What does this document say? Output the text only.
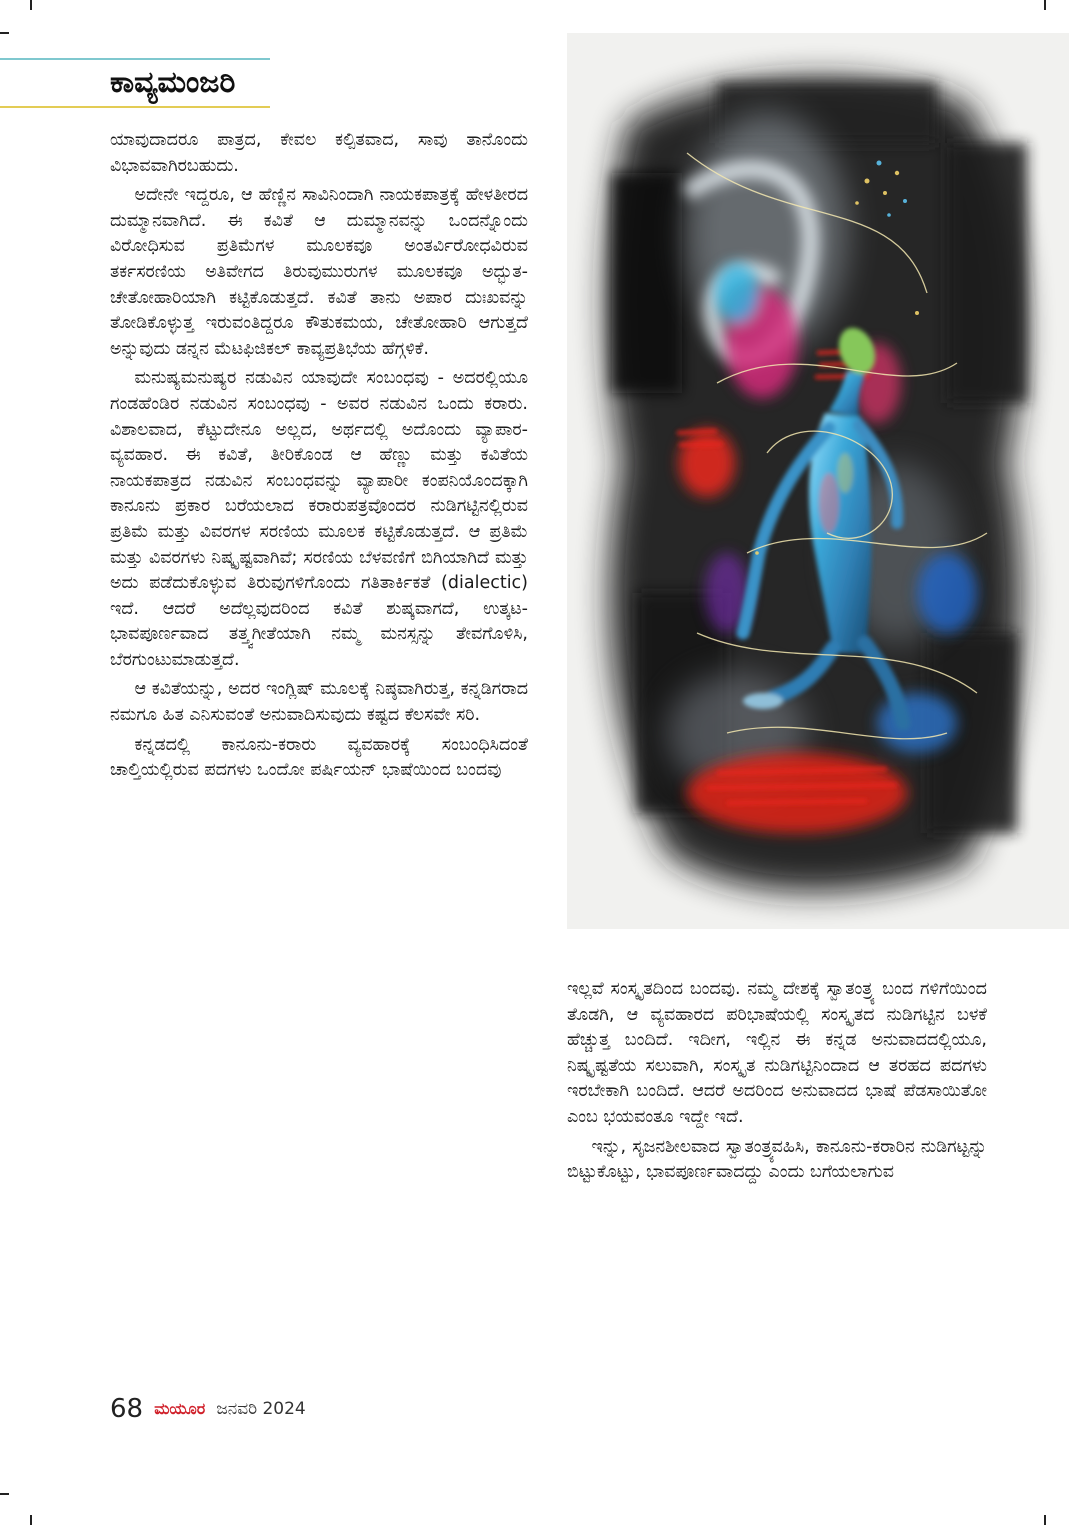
ಕಾವ್ಯಮಂಜರಿ

ಯಾವುದಾದರೂ ಪಾತ್ರದ, ಕೇವಲ ಕಲ್ಪಿತವಾದ, ಸಾವು ತಾನೊಂದು ವಿಭಾವವಾಗಿರಬಹುದು.

ಅದೇನೇ ಇದ್ದರೂ, ಆ ಹೆಣ್ಣಿನ ಸಾವಿನಿಂದಾಗಿ ನಾಯಕಪಾತ್ರಕ್ಕೆ ಹೇಳತೀರದ ದುಮ್ಮಾನವಾಗಿದೆ. ಈ ಕವಿತೆ ಆ ದುಮ್ಮಾನವನ್ನು ಒಂದನ್ನೊಂದು ವಿರೋಧಿಸುವ ಪ್ರತಿಮೆಗಳ ಮೂಲಕವೂ ಅಂತರ್ವಿರೋಧವಿರುವ ತರ್ಕಸರಣಿಯ ಅತಿವೇಗದ ತಿರುವುಮುರುಗಳ ಮೂಲಕವೂ ಅದ್ಭುತ-ಚೇತೋಹಾರಿಯಾಗಿ ಕಟ್ಟಿಕೊಡುತ್ತದೆ. ಕವಿತೆ ತಾನು ಅಪಾರ ದುಃಖವನ್ನು ತೋಡಿಕೊಳ್ಳುತ್ತ ಇರುವಂತಿದ್ದರೂ ಕೌತುಕಮಯ, ಚೇತೋಹಾರಿ ಆಗುತ್ತದೆ ಅನ್ನುವುದು ಡನ್ನನ ಮೆಟಫಿಜಿಕಲ್ ಕಾವ್ಯಪ್ರತಿಭೆಯ ಹೆಗ್ಗಳಿಕೆ.

ಮನುಷ್ಯಮನುಷ್ಯರ ನಡುವಿನ ಯಾವುದೇ ಸಂಬಂಧವು - ಅದರಲ್ಲಿಯೂ ಗಂಡಹೆಂಡಿರ ನಡುವಿನ ಸಂಬಂಧವು - ಅವರ ನಡುವಿನ ಒಂದು ಕರಾರು. ವಿಶಾಲವಾದ, ಕೆಟ್ಟುದೇನೂ ಅಲ್ಲದ, ಅರ್ಥದಲ್ಲಿ ಅದೊಂದು ವ್ಯಾಪಾರ-ವ್ಯವಹಾರ. ಈ ಕವಿತೆ, ತೀರಿಕೊಂಡ ಆ ಹೆಣ್ಣು ಮತ್ತು ಕವಿತೆಯ ನಾಯಕಪಾತ್ರದ ನಡುವಿನ ಸಂಬಂಧವನ್ನು ವ್ಯಾಪಾರೀ ಕಂಪನಿಯೊಂದಕ್ಕಾಗಿ ಕಾನೂನು ಪ್ರಕಾರ ಬರೆಯಲಾದ ಕರಾರುಪತ್ರವೊಂದರ ನುಡಿಗಟ್ಟಿನಲ್ಲಿರುವ ಪ್ರತಿಮೆ ಮತ್ತು ವಿವರಗಳ ಸರಣಿಯ ಮೂಲಕ ಕಟ್ಟಿಕೊಡುತ್ತದೆ. ಆ ಪ್ರತಿಮೆ ಮತ್ತು ವಿವರಗಳು ನಿಷ್ಕೃಷ್ಟವಾಗಿವೆ; ಸರಣಿಯ ಬೆಳವಣಿಗೆ ಬಿಗಿಯಾಗಿದೆ ಮತ್ತು ಅದು ಪಡೆದುಕೊಳ್ಳುವ ತಿರುವುಗಳಿಗೊಂದು ಗತಿತಾರ್ಕಿಕತೆ (dialectic) ಇದೆ. ಆದರೆ ಅದೆಲ್ಲವುದರಿಂದ ಕವಿತೆ ಶುಷ್ಕವಾಗದೆ, ಉತ್ಕಟ-ಭಾವಪೂರ್ಣವಾದ ತತ್ತ್ವಗೀತೆಯಾಗಿ ನಮ್ಮ ಮನಸ್ಸನ್ನು ತೇವಗೊಳಿಸಿ, ಬೆರಗುಂಟುಮಾಡುತ್ತದೆ.

ಆ ಕವಿತೆಯನ್ನು, ಅದರ ಇಂಗ್ಲಿಷ್ ಮೂಲಕ್ಕೆ ನಿಷ್ಠವಾಗಿರುತ್ತ, ಕನ್ನಡಿಗರಾದ ನಮಗೂ ಹಿತ ಎನಿಸುವಂತೆ ಅನುವಾದಿಸುವುದು ಕಷ್ಟದ ಕೆಲಸವೇ ಸರಿ.

ಕನ್ನಡದಲ್ಲಿ ಕಾನೂನು-ಕರಾರು ವ್ಯವಹಾರಕ್ಕೆ ಸಂಬಂಧಿಸಿದಂತೆ ಚಾಲ್ತಿಯಲ್ಲಿರುವ ಪದಗಳು ಒಂದೋ ಪರ್ಷಿಯನ್ ಭಾಷೆಯಿಂದ ಬಂದವು

ಇಲ್ಲವೆ ಸಂಸ್ಕೃತದಿಂದ ಬಂದವು. ನಮ್ಮ ದೇಶಕ್ಕೆ ಸ್ವಾತಂತ್ರ್ಯ ಬಂದ ಗಳಿಗೆಯಿಂದ ತೊಡಗಿ, ಆ ವ್ಯವಹಾರದ ಪರಿಭಾಷೆಯಲ್ಲಿ ಸಂಸ್ಕೃತದ ನುಡಿಗಟ್ಟಿನ ಬಳಕೆ ಹೆಚ್ಚುತ್ತ ಬಂದಿದೆ. ಇದೀಗ, ಇಲ್ಲಿನ ಈ ಕನ್ನಡ ಅನುವಾದದಲ್ಲಿಯೂ, ನಿಷ್ಕೃಷ್ಟತೆಯ ಸಲುವಾಗಿ, ಸಂಸ್ಕೃತ ನುಡಿಗಟ್ಟಿನಿಂದಾದ ಆ ತರಹದ ಪದಗಳು ಇರಬೇಕಾಗಿ ಬಂದಿದೆ. ಆದರೆ ಅದರಿಂದ ಅನುವಾದದ ಭಾಷೆ ಪೆಡಸಾಯಿತೋ ಎಂಬ ಭಯವಂತೂ ಇದ್ದೇ ಇದೆ.

ಇನ್ನು, ಸೃಜನಶೀಲವಾದ ಸ್ವಾತಂತ್ರ್ಯವಹಿಸಿ, ಕಾನೂನು-ಕರಾರಿನ ನುಡಿಗಟ್ಟನ್ನು ಬಿಟ್ಟುಕೊಟ್ಟು, ಭಾವಪೂರ್ಣವಾದದ್ದು ಎಂದು ಬಗೆಯಲಾಗುವ

68 ಮಯೂರ ಜನವರಿ 2024
